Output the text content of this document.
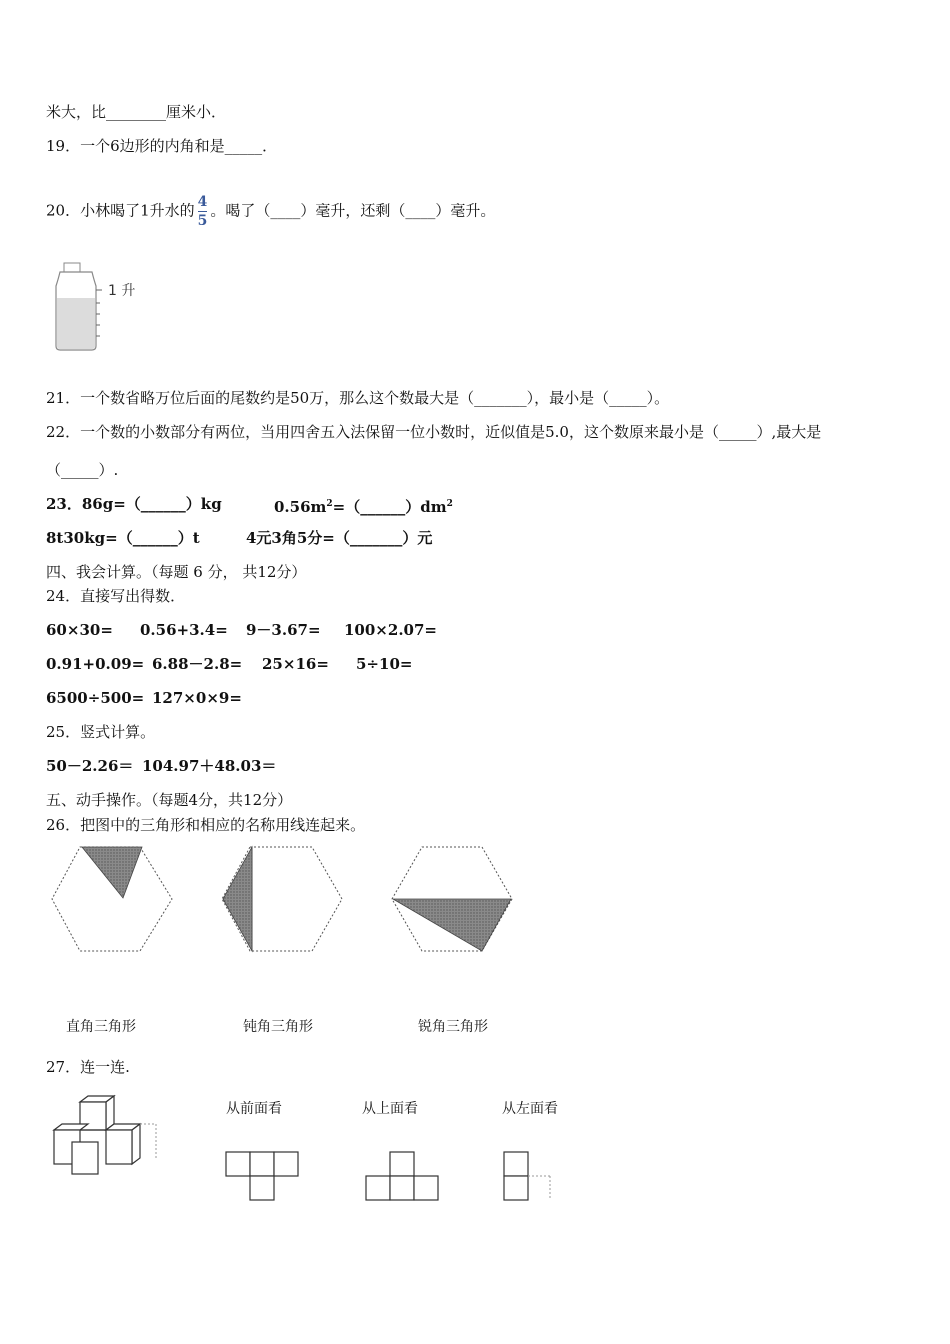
米大，比________厘米小．
19．一个6边形的内角和是_____．
20．小林喝了1升水的 $\frac{4}{5}$ 。喝了（____）毫升，还剩（____）毫升。
1 升
21．一个数省略万位后面的尾数约是50万，那么这个数最大是（_______），最小是（_____）。
22．一个数的小数部分有两位，当用四舍五入法保留一位小数时，近似值是5.0，这个数原来最小是（_____）,最大是
（_____）.
23．86g=（______）kg	$0.56m^2=(\_\_\_\_\_\_)dm^2$
8t30kg=（______）t	4元3角5分=（_______）元
四、我会计算。（每题 6 分， 共12分）
24．直接写出得数．
60×30= 0.56+3.4= 9－3.67= 100×2.07=
0.91+0.09= 6.88－2.8= 25×16= 5÷10=
6500÷500= 127×0×9=
25．竖式计算。
50－2.26＝ 104.97＋48.03＝
五、动手操作。（每题4分，共12分）
26．把图中的三角形和相应的名称用线连起来。
直角三角形	钝角三角形	锐角三角形
27．连一连.
从前面看	从上面看	从左面看
